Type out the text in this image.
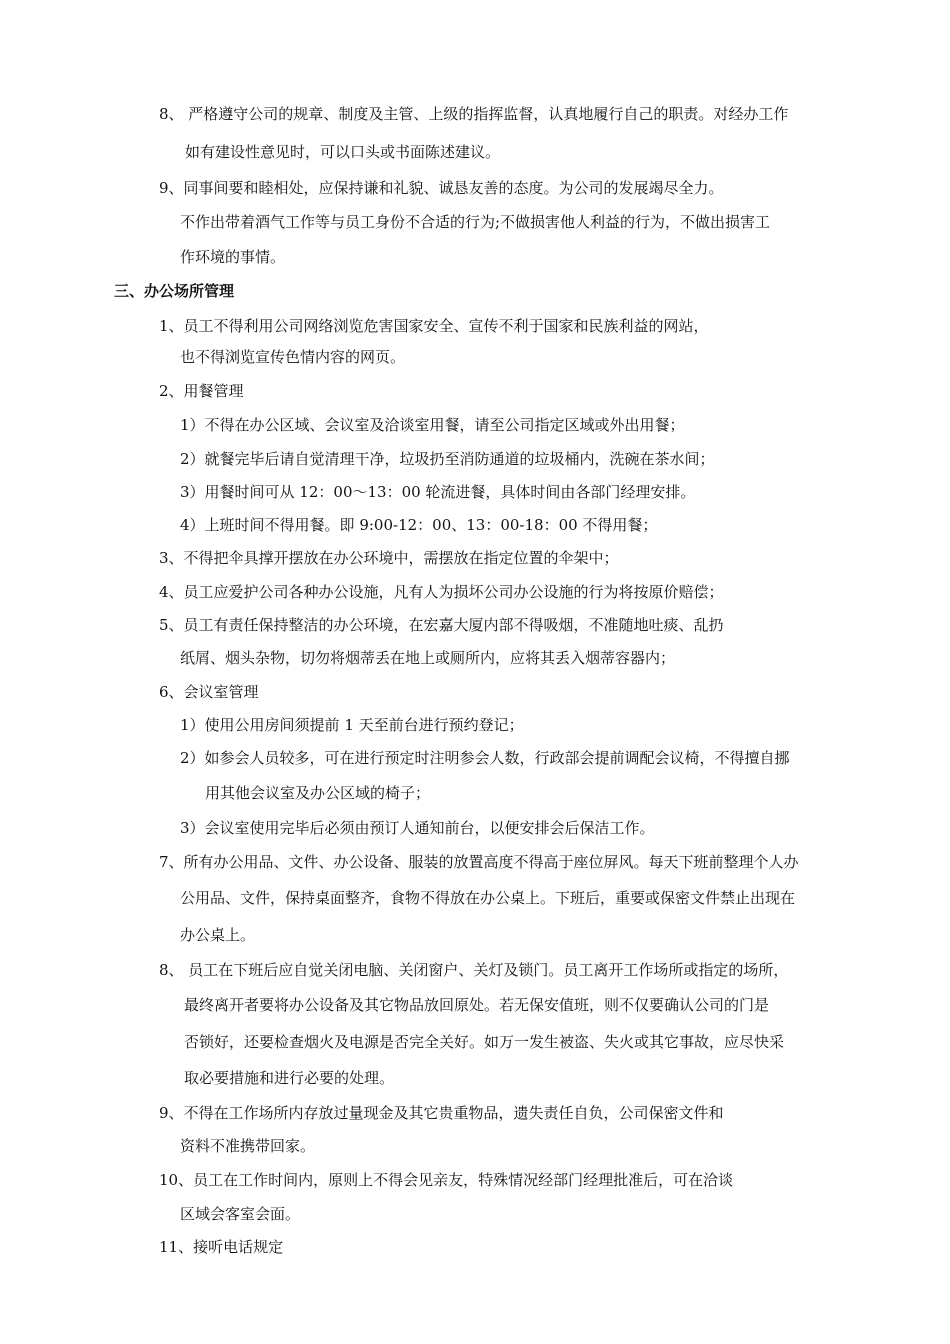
8、 严格遵守公司的规章、制度及主管、上级的指挥监督，认真地履行自己的职责。对经办工作
如有建设性意见时，可以口头或书面陈述建议。
9、同事间要和睦相处，应保持谦和礼貌、诚恳友善的态度。为公司的发展竭尽全力。
不作出带着酒气工作等与员工身份不合适的行为;不做损害他人利益的行为，不做出损害工
作环境的事情。
三、办公场所管理
1、员工不得利用公司网络浏览危害国家安全、宣传不利于国家和民族利益的网站，
也不得浏览宣传色情内容的网页。
2、用餐管理
1）不得在办公区域、会议室及洽谈室用餐，请至公司指定区域或外出用餐；
2）就餐完毕后请自觉清理干净，垃圾扔至消防通道的垃圾桶内，洗碗在茶水间；
3）用餐时间可从 12：00～13：00 轮流进餐，具体时间由各部门经理安排。
4）上班时间不得用餐。即 9:00-12：00、13：00-18：00 不得用餐；
3、不得把伞具撑开摆放在办公环境中，需摆放在指定位置的伞架中；
4、员工应爱护公司各种办公设施，凡有人为损坏公司办公设施的行为将按原价赔偿；
5、员工有责任保持整洁的办公环境，在宏嘉大厦内部不得吸烟，不准随地吐痰、乱扔
纸屑、烟头杂物，切勿将烟蒂丢在地上或厕所内，应将其丢入烟蒂容器内；
6、会议室管理
1）使用公用房间须提前 1 天至前台进行预约登记；
2）如参会人员较多，可在进行预定时注明参会人数，行政部会提前调配会议椅，不得擅自挪
用其他会议室及办公区域的椅子；
3）会议室使用完毕后必须由预订人通知前台，以便安排会后保洁工作。
7、所有办公用品、文件、办公设备、服装的放置高度不得高于座位屏风。每天下班前整理个人办
公用品、文件，保持桌面整齐，食物不得放在办公桌上。下班后，重要或保密文件禁止出现在
办公桌上。
8、 员工在下班后应自觉关闭电脑、关闭窗户、关灯及锁门。员工离开工作场所或指定的场所，
最终离开者要将办公设备及其它物品放回原处。若无保安值班，则不仅要确认公司的门是
否锁好，还要检查烟火及电源是否完全关好。如万一发生被盗、失火或其它事故，应尽快采
取必要措施和进行必要的处理。
9、不得在工作场所内存放过量现金及其它贵重物品，遗失责任自负，公司保密文件和
资料不准携带回家。
10、员工在工作时间内，原则上不得会见亲友，特殊情况经部门经理批准后，可在洽谈
区域会客室会面。
11、接听电话规定
